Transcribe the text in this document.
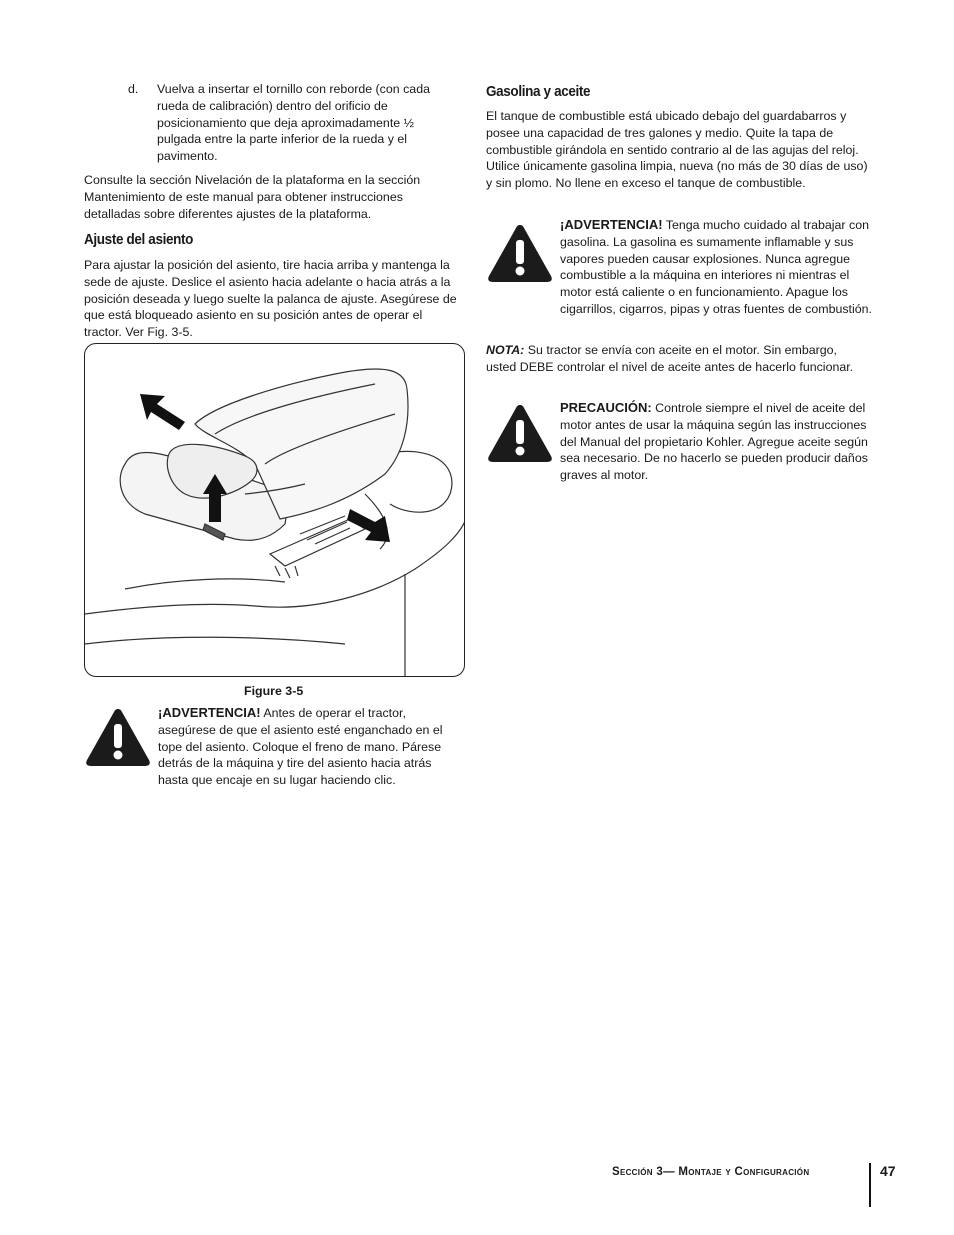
d. Vuelva a insertar el tornillo con reborde (con cada rueda de calibración) dentro del orificio de posicionamiento que deja aproximadamente ½ pulgada entre la parte inferior de la rueda y el pavimento.

Consulte la sección Nivelación de la plataforma en la sección Mantenimiento de este manual para obtener instrucciones detalladas sobre diferentes ajustes de la plataforma.

Ajuste del asiento

Para ajustar la posición del asiento, tire hacia arriba y mantenga la sede de ajuste. Deslice el asiento hacia adelante o hacia atrás a la posición deseada y luego suelte la palanca de ajuste. Asegúrese de que está bloqueado asiento en su posición antes de operar el tractor. Ver Fig. 3-5.

Figure 3-5

¡ADVERTENCIA! Antes de operar el tractor, asegúrese de que el asiento esté enganchado en el tope del asiento. Coloque el freno de mano. Párese detrás de la máquina y tire del asiento hacia atrás hasta que encaje en su lugar haciendo clic.

Gasolina y aceite

El tanque de combustible está ubicado debajo del guardabarros y posee una capacidad de tres galones y medio. Quite la tapa de combustible girándola en sentido contrario al de las agujas del reloj. Utilice únicamente gasolina limpia, nueva (no más de 30 días de uso) y sin plomo. No llene en exceso el tanque de combustible.

¡ADVERTENCIA! Tenga mucho cuidado al trabajar con gasolina. La gasolina es sumamente inflamable y sus vapores pueden causar explosiones. Nunca agregue combustible a la máquina en interiores ni mientras el motor está caliente o en funcionamiento. Apague los cigarrillos, cigarros, pipas y otras fuentes de combustión.

NOTA: Su tractor se envía con aceite en el motor. Sin embargo, usted DEBE controlar el nivel de aceite antes de hacerlo funcionar.

PRECAUCIÓN: Controle siempre el nivel de aceite del motor antes de usar la máquina según las instrucciones del Manual del propietario Kohler. Agregue aceite según sea necesario. De no hacerlo se pueden producir daños graves al motor.

Sección 3— Montaje y Configuración	47
